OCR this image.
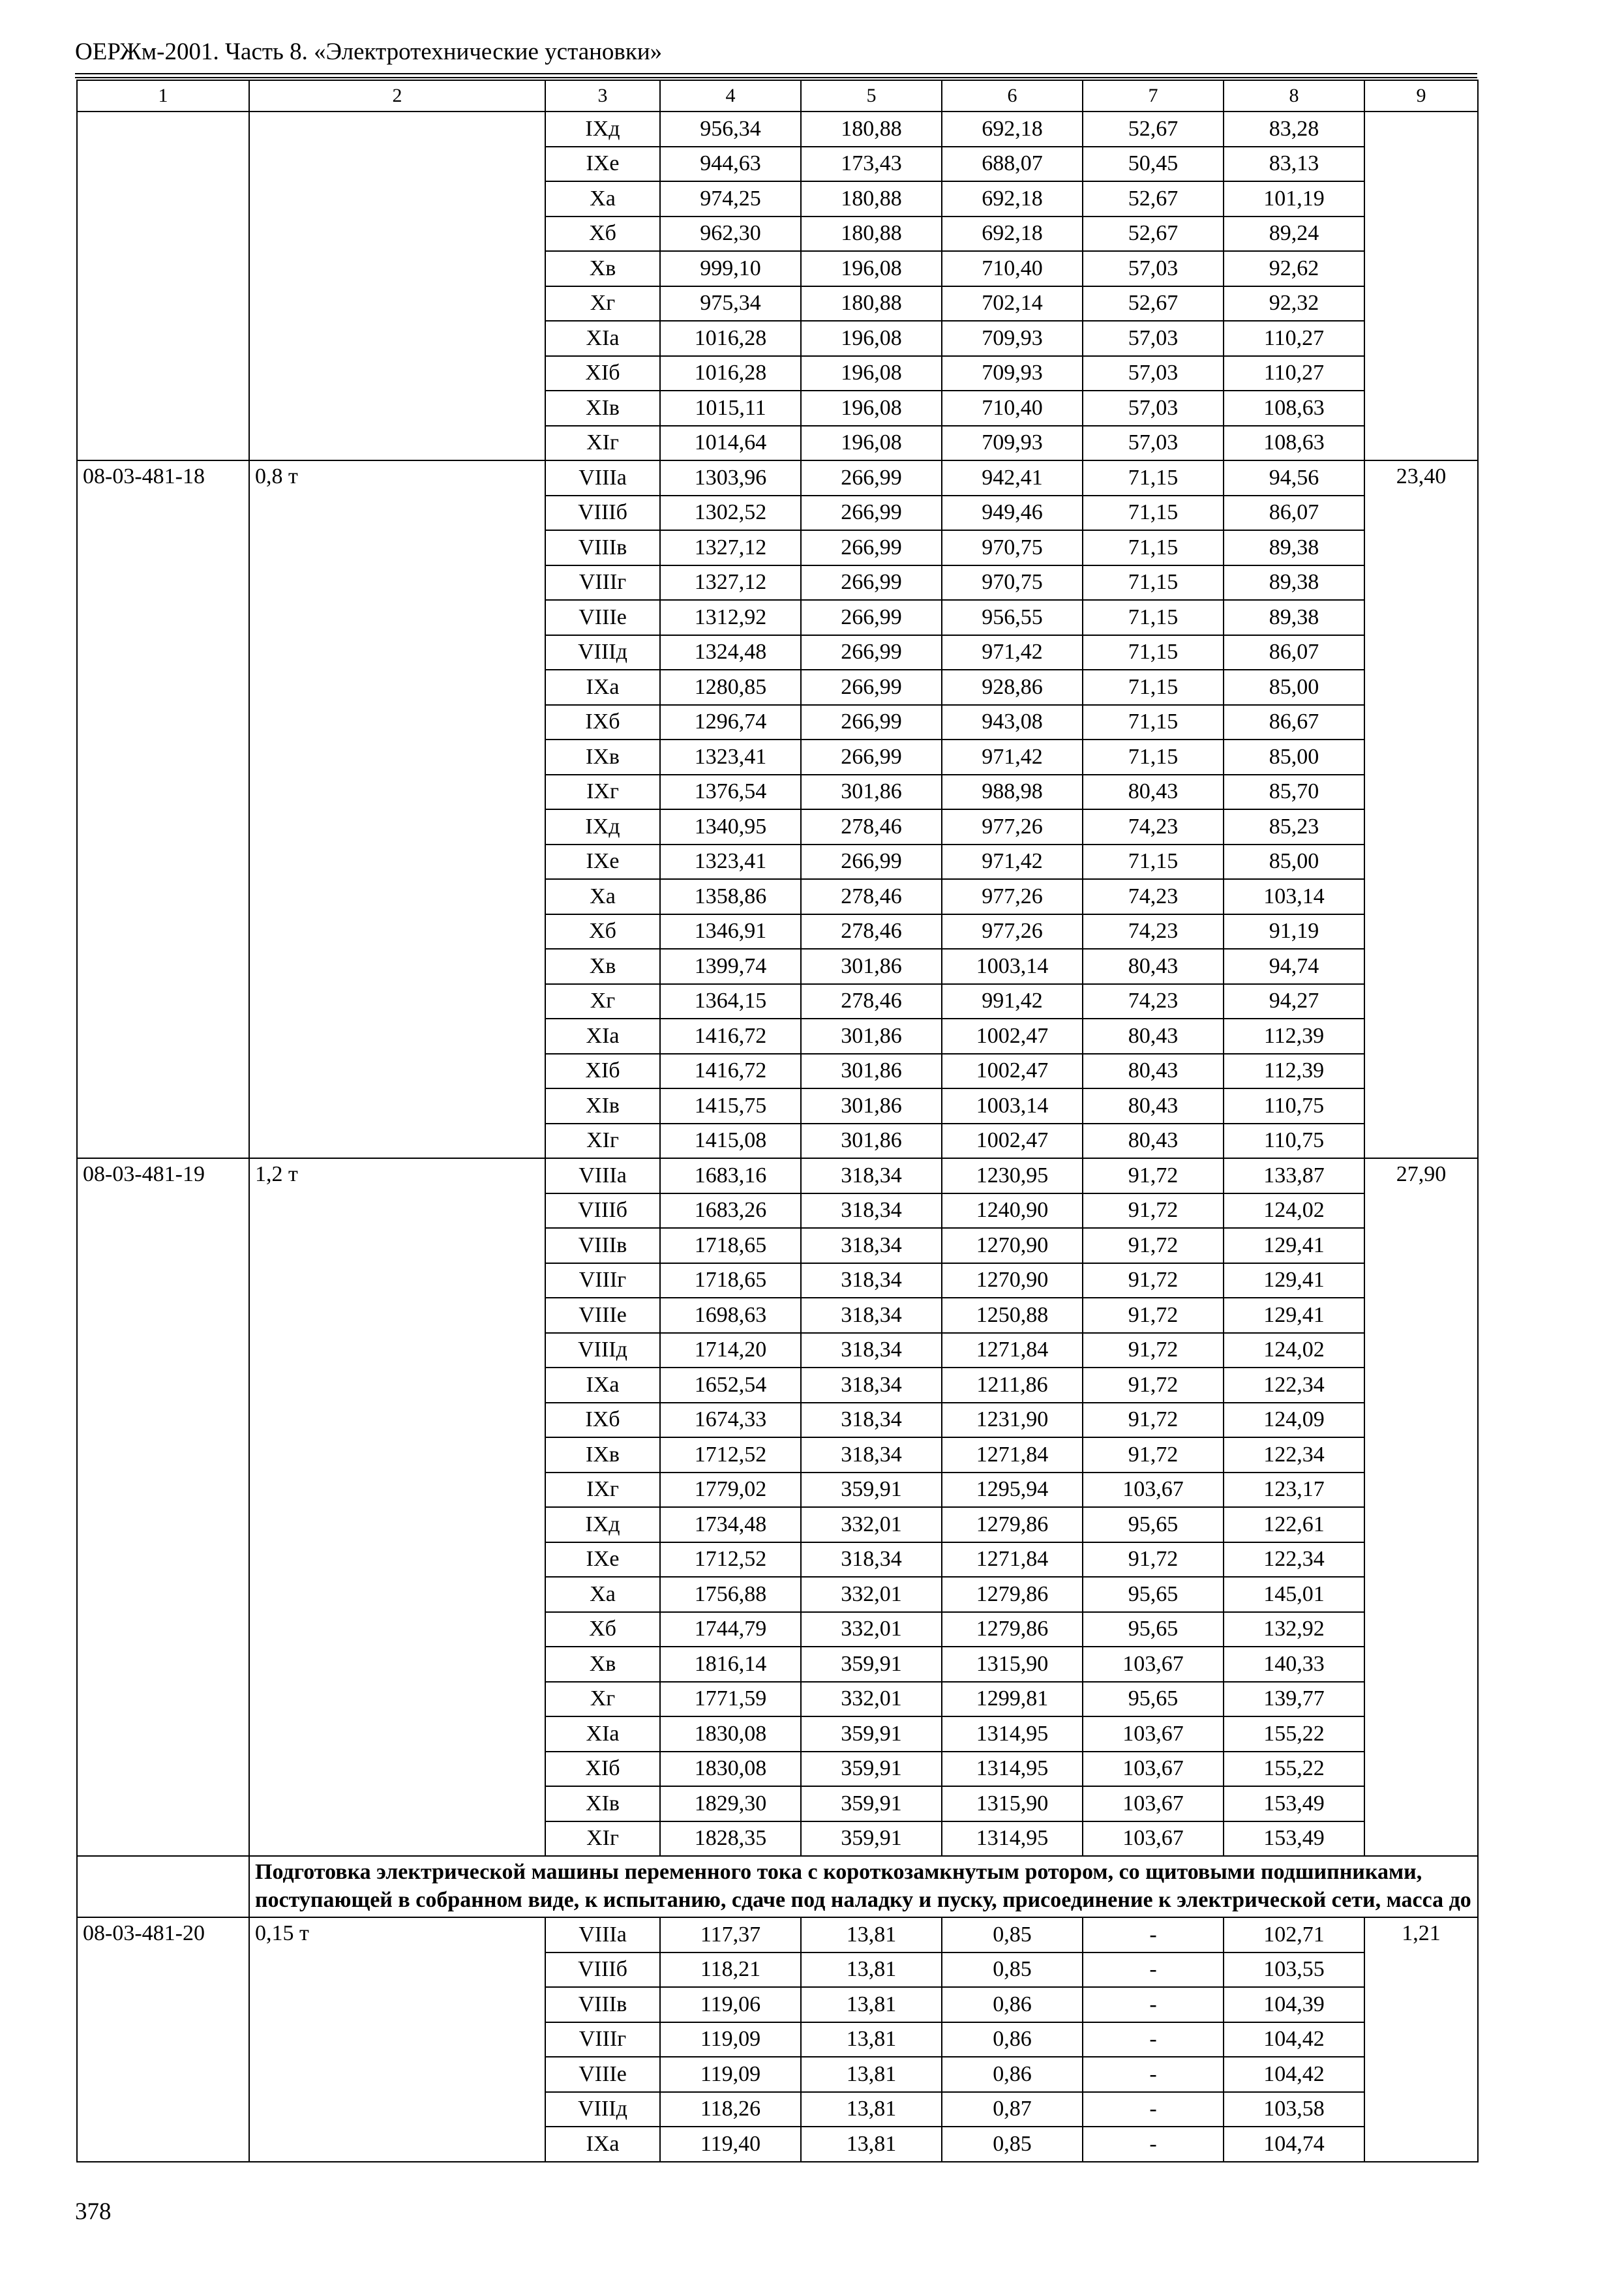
ОЕРЖм-2001. Часть 8. «Электротехнические установки»
1	2	3	4	5	6	7	8	9
		IXд	956,34	180,88	692,18	52,67	83,28	
		IXе	944,63	173,43	688,07	50,45	83,13	
		Xа	974,25	180,88	692,18	52,67	101,19	
		Xб	962,30	180,88	692,18	52,67	89,24	
		Xв	999,10	196,08	710,40	57,03	92,62	
		Xг	975,34	180,88	702,14	52,67	92,32	
		XIа	1016,28	196,08	709,93	57,03	110,27	
		XIб	1016,28	196,08	709,93	57,03	110,27	
		XIв	1015,11	196,08	710,40	57,03	108,63	
		XIг	1014,64	196,08	709,93	57,03	108,63	
08-03-481-18	0,8 т	VIIIа	1303,96	266,99	942,41	71,15	94,56	23,40
		VIIIб	1302,52	266,99	949,46	71,15	86,07	
		VIIIв	1327,12	266,99	970,75	71,15	89,38	
		VIIIг	1327,12	266,99	970,75	71,15	89,38	
		VIIIе	1312,92	266,99	956,55	71,15	89,38	
		VIIIд	1324,48	266,99	971,42	71,15	86,07	
		IXа	1280,85	266,99	928,86	71,15	85,00	
		IXб	1296,74	266,99	943,08	71,15	86,67	
		IXв	1323,41	266,99	971,42	71,15	85,00	
		IXг	1376,54	301,86	988,98	80,43	85,70	
		IXд	1340,95	278,46	977,26	74,23	85,23	
		IXе	1323,41	266,99	971,42	71,15	85,00	
		Xа	1358,86	278,46	977,26	74,23	103,14	
		Xб	1346,91	278,46	977,26	74,23	91,19	
		Xв	1399,74	301,86	1003,14	80,43	94,74	
		Xг	1364,15	278,46	991,42	74,23	94,27	
		XIа	1416,72	301,86	1002,47	80,43	112,39	
		XIб	1416,72	301,86	1002,47	80,43	112,39	
		XIв	1415,75	301,86	1003,14	80,43	110,75	
		XIг	1415,08	301,86	1002,47	80,43	110,75	
08-03-481-19	1,2 т	VIIIа	1683,16	318,34	1230,95	91,72	133,87	27,90
		VIIIб	1683,26	318,34	1240,90	91,72	124,02	
		VIIIв	1718,65	318,34	1270,90	91,72	129,41	
		VIIIг	1718,65	318,34	1270,90	91,72	129,41	
		VIIIе	1698,63	318,34	1250,88	91,72	129,41	
		VIIIд	1714,20	318,34	1271,84	91,72	124,02	
		IXа	1652,54	318,34	1211,86	91,72	122,34	
		IXб	1674,33	318,34	1231,90	91,72	124,09	
		IXв	1712,52	318,34	1271,84	91,72	122,34	
		IXг	1779,02	359,91	1295,94	103,67	123,17	
		IXд	1734,48	332,01	1279,86	95,65	122,61	
		IXе	1712,52	318,34	1271,84	91,72	122,34	
		Xа	1756,88	332,01	1279,86	95,65	145,01	
		Xб	1744,79	332,01	1279,86	95,65	132,92	
		Xв	1816,14	359,91	1315,90	103,67	140,33	
		Xг	1771,59	332,01	1299,81	95,65	139,77	
		XIа	1830,08	359,91	1314,95	103,67	155,22	
		XIб	1830,08	359,91	1314,95	103,67	155,22	
		XIв	1829,30	359,91	1315,90	103,67	153,49	
		XIг	1828,35	359,91	1314,95	103,67	153,49	
	Подготовка электрической машины переменного тока с короткозамкнутым ротором, со щитовыми подшипниками, поступающей в собранном виде, к испытанию, сдаче под наладку и пуску, присоединение к электрической сети, масса до							
08-03-481-20	0,15 т	VIIIа	117,37	13,81	0,85	-	102,71	1,21
		VIIIб	118,21	13,81	0,85	-	103,55	
		VIIIв	119,06	13,81	0,86	-	104,39	
		VIIIг	119,09	13,81	0,86	-	104,42	
		VIIIе	119,09	13,81	0,86	-	104,42	
		VIIIд	118,26	13,81	0,87	-	103,58	
		IXа	119,40	13,81	0,85	-	104,74	
378
